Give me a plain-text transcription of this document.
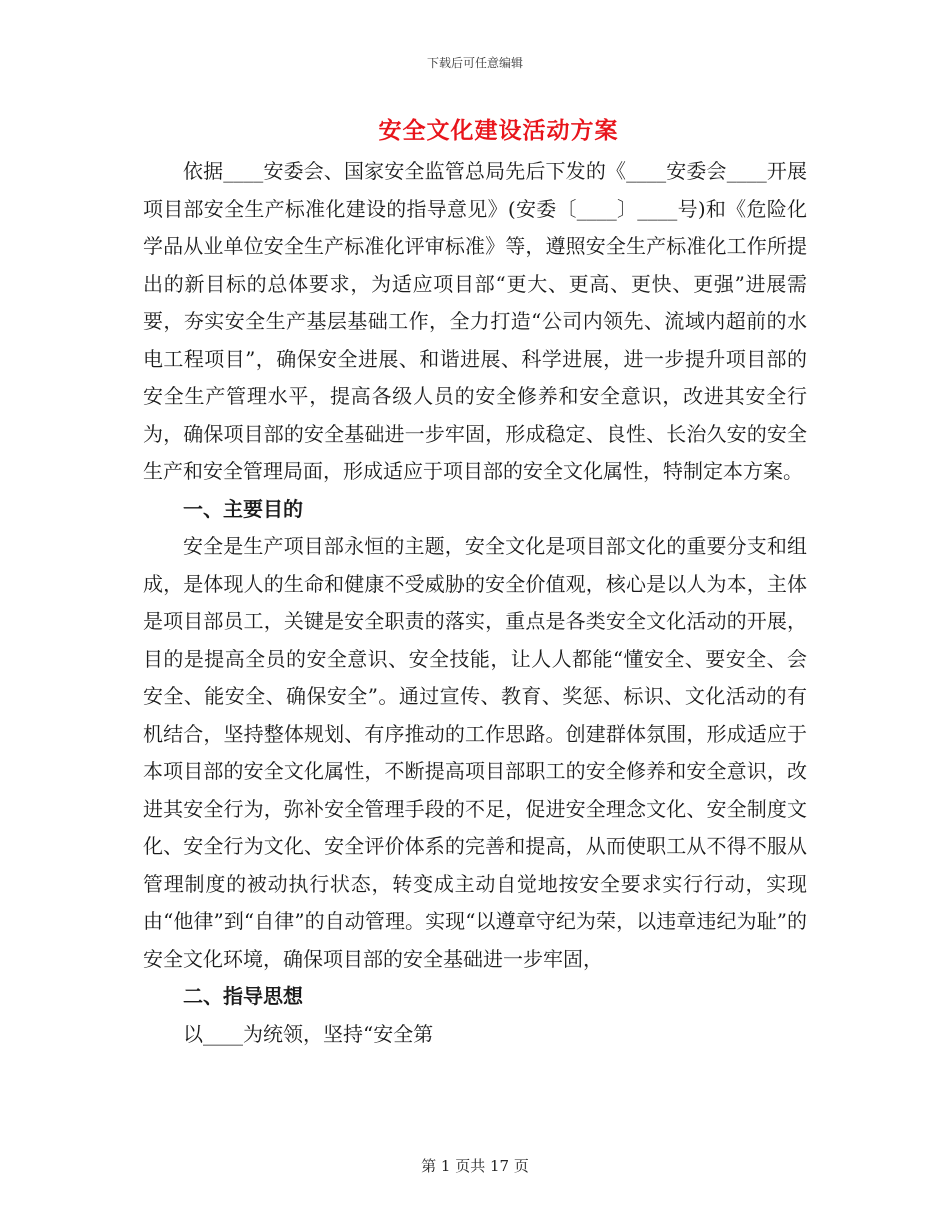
下载后可任意编辑
安全文化建设活动方案

依据____安委会、国家安全监管总局先后下发的《____安委会____开展项目部安全生产标准化建设的指导意见》(安委〔____〕____号)和《危险化学品从业单位安全生产标准化评审标准》等，遵照安全生产标准化工作所提出的新目标的总体要求，为适应项目部“更大、更高、更快、更强”进展需要，夯实安全生产基层基础工作，全力打造“公司内领先、流域内超前的水电工程项目”，确保安全进展、和谐进展、科学进展，进一步提升项目部的安全生产管理水平，提高各级人员的安全修养和安全意识，改进其安全行为，确保项目部的安全基础进一步牢固，形成稳定、良性、长治久安的安全生产和安全管理局面，形成适应于项目部的安全文化属性，特制定本方案。

一、主要目的

安全是生产项目部永恒的主题，安全文化是项目部文化的重要分支和组成，是体现人的生命和健康不受威胁的安全价值观，核心是以人为本，主体是项目部员工，关键是安全职责的落实，重点是各类安全文化活动的开展，目的是提高全员的安全意识、安全技能，让人人都能“懂安全、要安全、会安全、能安全、确保安全”。通过宣传、教育、奖惩、标识、文化活动的有机结合，坚持整体规划、有序推动的工作思路。创建群体氛围，形成适应于本项目部的安全文化属性，不断提高项目部职工的安全修养和安全意识，改进其安全行为，弥补安全管理手段的不足，促进安全理念文化、安全制度文化、安全行为文化、安全评价体系的完善和提高，从而使职工从不得不服从管理制度的被动执行状态，转变成主动自觉地按安全要求实行行动，实现由“他律”到“自律”的自动管理。实现“以遵章守纪为荣，以违章违纪为耻”的安全文化环境，确保项目部的安全基础进一步牢固，

二、指导思想

以____为统领，坚持“安全第

第 1 页共 17 页
